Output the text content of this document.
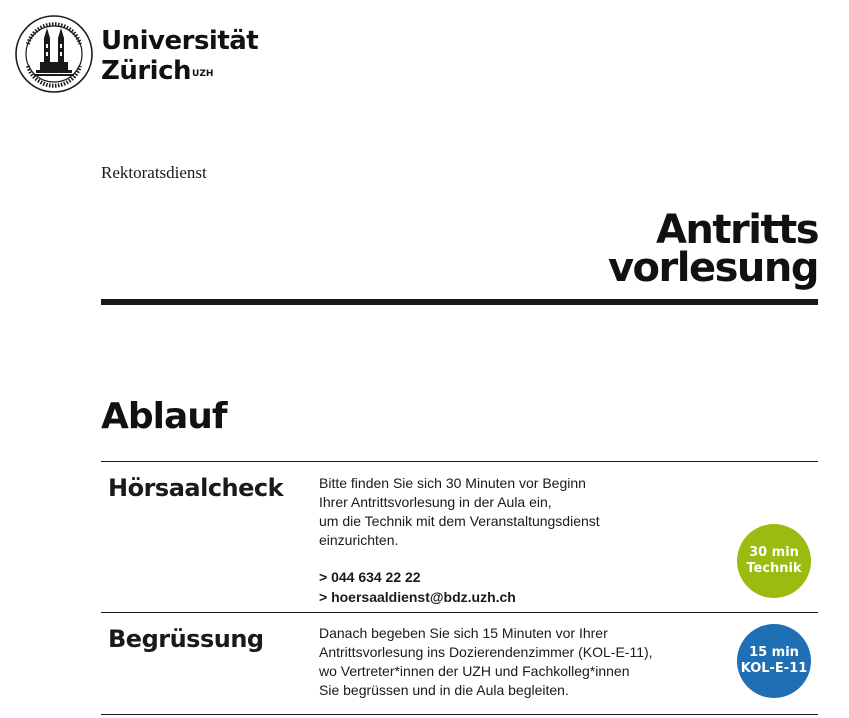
Universität
Zürich$^{UZH}$
Rektoratsdienst
Antritts
vorlesung
Ablauf
Hörsaalcheck	Bitte finden Sie sich 30 Minuten vor Beginn

Ihrer Antrittsvorlesung in der Aula ein,

um die Technik mit dem Veranstaltungsdienst

einzurichten.

> 044 634 22 22
> hoersaaldienst@bdz.uzh.ch
30 min
Technik
Begrüssung	Danach begeben Sie sich 15 Minuten vor Ihrer

Antrittsvorlesung ins Dozierendenzimmer (KOL-E-11),

wo Vertreter*innen der UZH und Fachkolleg*innen

Sie begrüssen und in die Aula begleiten.

15 min
KOL-E-11
